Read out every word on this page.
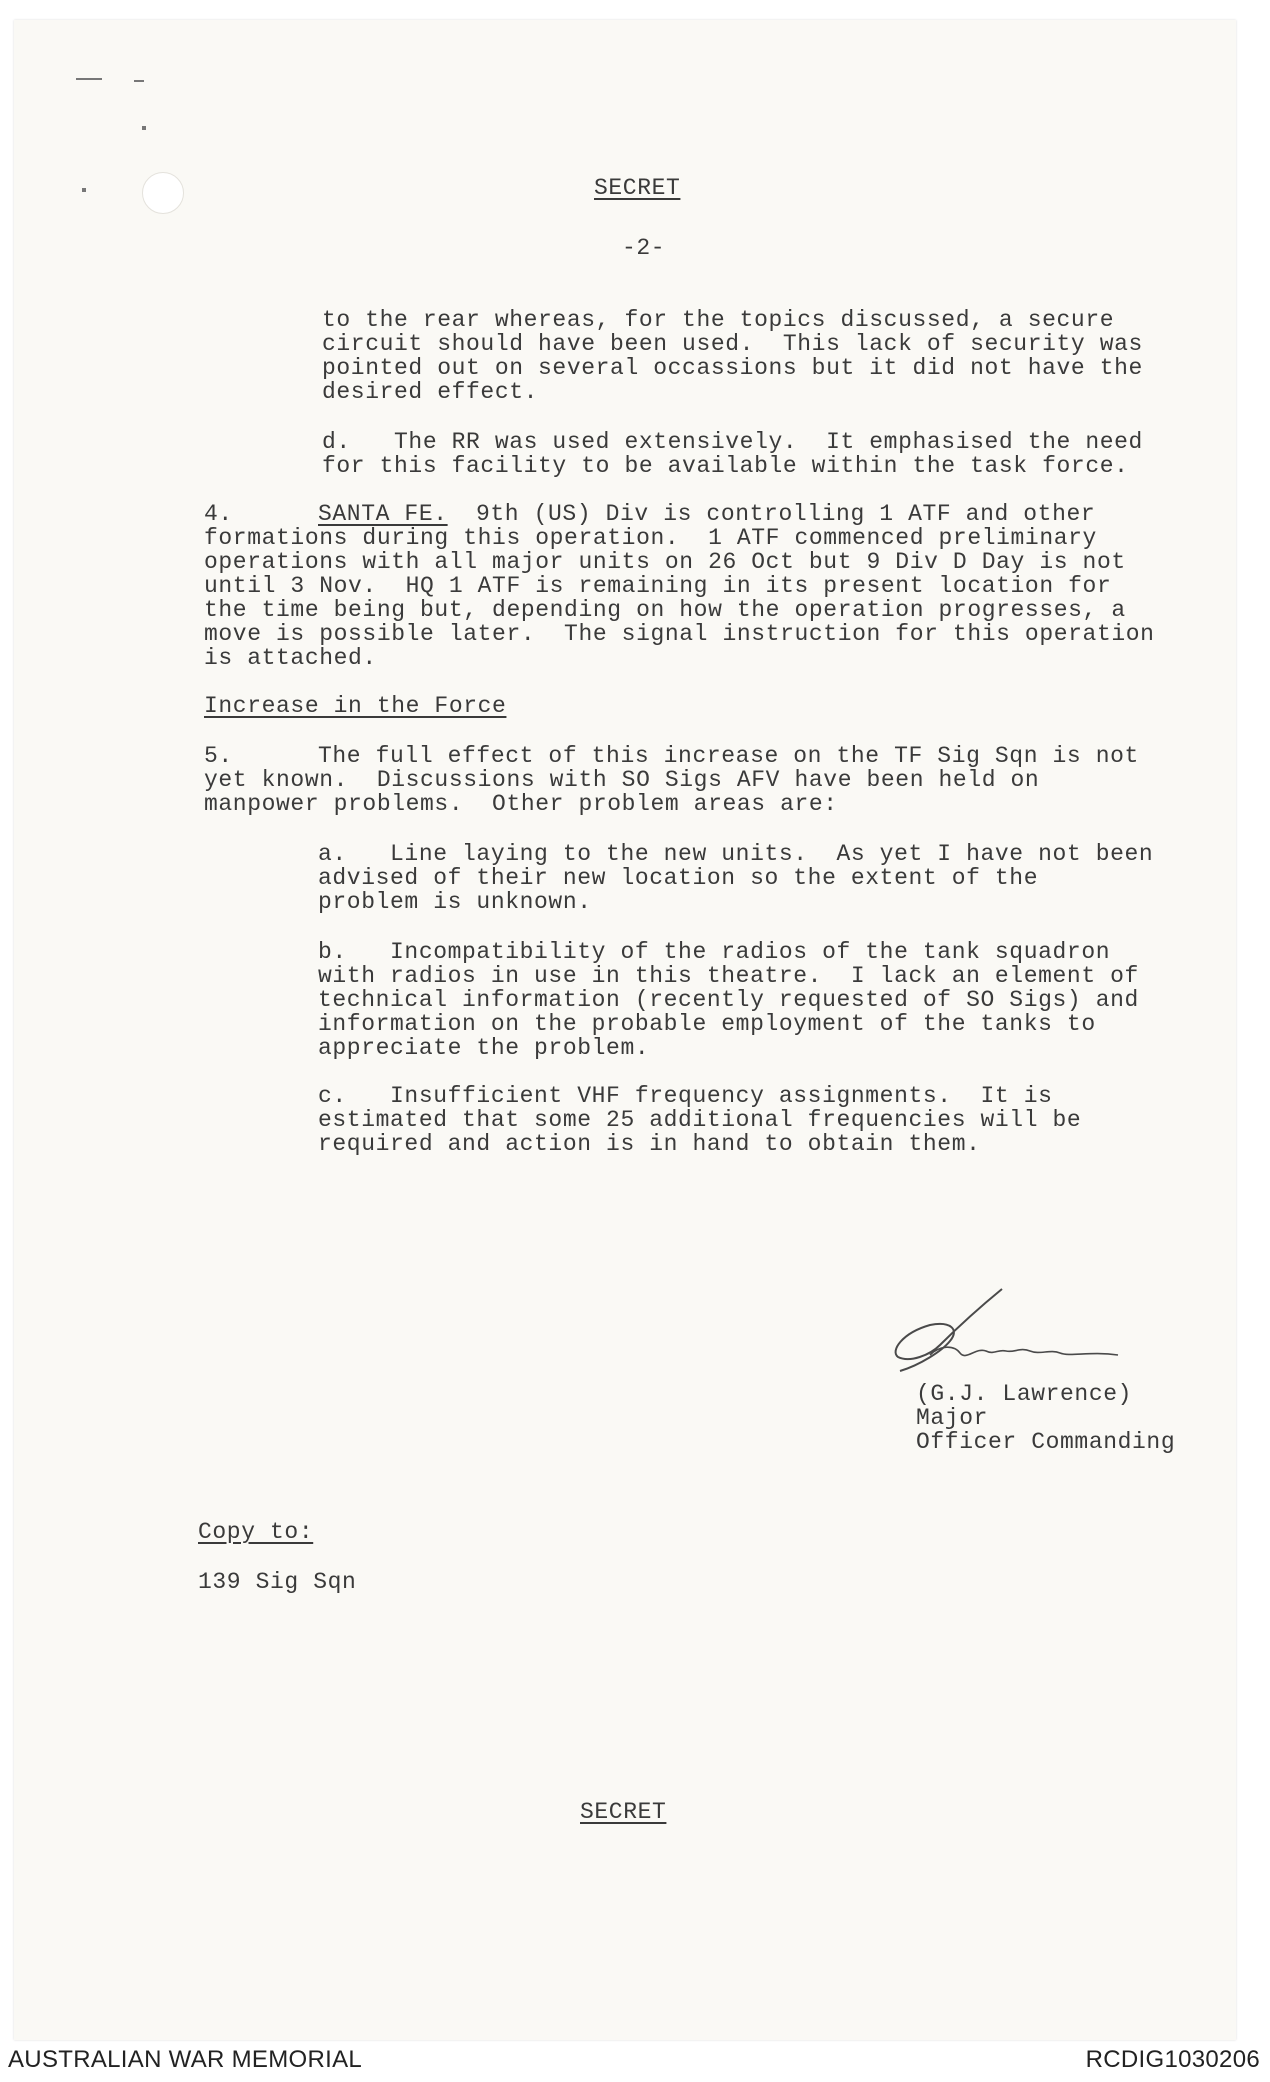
SECRET
-2-
to the rear whereas, for the topics discussed, a secure
circuit should have been used.  This lack of security was
pointed out on several occassions but it did not have the
desired effect.
d.   The RR was used extensively.  It emphasised the need
for this facility to be available within the task force.
4.	SANTA FE. 9th (US) Div is controlling 1 ATF and other
formations during this operation.  1 ATF commenced preliminary
operations with all major units on 26 Oct but 9 Div D Day is not
until 3 Nov.  HQ 1 ATF is remaining in its present location for
the time being but, depending on how the operation progresses, a
move is possible later.  The signal instruction for this operation
is attached.
Increase in the Force
5.	The full effect of this increase on the TF Sig Sqn is not
yet known.  Discussions with SO Sigs AFV have been held on
manpower problems.  Other problem areas are:
a.   Line laying to the new units.  As yet I have not been
advised of their new location so the extent of the
problem is unknown.
b.   Incompatibility of the radios of the tank squadron
with radios in use in this theatre.  I lack an element of
technical information (recently requested of SO Sigs) and
information on the probable employment of the tanks to
appreciate the problem.
c.   Insufficient VHF frequency assignments.  It is
estimated that some 25 additional frequencies will be
required and action is in hand to obtain them.
(G.J. Lawrence)
Major
Officer Commanding
Copy to:
139 Sig Sqn
SECRET
AUSTRALIAN WAR MEMORIAL	RCDIG1030206
